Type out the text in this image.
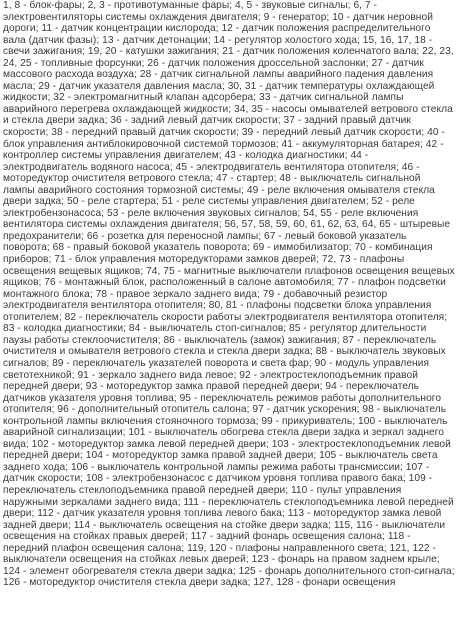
1, 8 - блок-фары; 2, 3 - противотуманные фары; 4, 5 - звуковые сигналы; 6, 7 - электровентиляторы системы охлаждения двигателя; 9 - генератор; 10 - датчик неровной дороги; 11 - датчик концентрации кислорода; 12 - датчик положения распределительного вала (датчик фазы); 13 - датчик детонации; 14 - регулятор холостого хода; 15, 16, 17, 18 - свечи зажигания; 19, 20 - катушки зажигания; 21 - датчик положения коленчатого вала; 22, 23, 24, 25 - топливные форсунки; 26 - датчик положения дроссельной заслонки; 27 - датчик массового расхода воздуха; 28 - датчик сигнальной лампы аварийного падения давления масла; 29 - датчик указателя давления масла; 30, 31 - датчик температуры охлаждающей жидкости; 32 - электромагнитный клапан адсорбера; 33 - датчик сигнальной лампы аварийного перегрева охлаждающей жидкости; 34, 35 - насосы омывателей ветрового стекла и стекла двери задка; 36 - задний левый датчик скорости; 37 - задний правый датчик скорости; 38 - передний правый датчик скорости; 39 - передний левый датчик скорости; 40 - блок управления антиблокировочной системой тормозов; 41 - аккумуляторная батарея; 42 - контроллер системы управления двигателем; 43 - колодка диагностики; 44 - электродвигатель водяного насоса; 45 - электродвигатель вентилятора отопителя; 46 - моторедуктор очистителя ветрового стекла; 47 - стартер; 48 - выключатель сигнальной лампы аварийного состояния тормозной системы; 49 - реле включения омывателя стекла двери задка; 50 - реле стартера; 51 - реле системы управления двигателем; 52 - реле электробензонасоса; 53 - реле включения звуковых сигналов; 54, 55 - реле включения вентилятора системы охлаждения двигателя; 56, 57, 58, 59, 60, 61, 62, 63, 64, 65 - штыревые предохранители; 66 - розетка для переносной лампы; 67 - левый боковой указатель поворота; 68 - правый боковой указатель поворота; 69 - иммобилизатор; 70 - комбинация приборов; 71 - блок управления моторедукторами замков дверей; 72, 73 - плафоны освещения вещевых ящиков; 74, 75 - магнитные выключатели плафонов освещения вещевых ящиков; 76 - монтажный блок, расположенный в салоне автомобиля; 77 - плафон подсветки монтажного блока; 78 - правое зеркало заднего вида; 79 - добавочный резистор электродвигателя вентилятора отопителя; 80, 81 - плафоны подсветки блока управления отопителем; 82 - переключатель скорости работы электродвигателя вентилятора отопителя; 83 - колодка диагностики; 84 - выключатель стоп-сигналов; 85 - регулятор длительности паузы работы стеклоочистителя; 86 - выключатель (замок) зажигания; 87 - переключатель очистителя и омывателя ветрового стекла и стекла двери задка; 88 - выключатель звуковых сигналов; 89 - переключатель указателей поворота и света фар; 90 - модуль управления светотехникой; 91 - зеркало заднего вида левое; 92 - электростеклоподъемник правой передней двери; 93 - моторедуктор замка правой передней двери; 94 - переключатель датчиков указателя уровня топлива; 95 - переключатель режимов работы дополнительного отопителя; 96 - дополнительный отопитель салона; 97 - датчик ускорения; 98 - выключатель контрольной лампы включения стояночного тормоза; 99 - прикуриватель; 100 - выключатель аварийной сигнализации; 101 - выключатель обогрева стекла двери задка и зеркал заднего вида; 102 - моторедуктор замка левой передней двери; 103 - электростеклоподъемник левой передней двери; 104 - моторедуктор замка правой задней двери; 105 - выключатель света заднего хода; 106 - выключатель контрольной лампы режима работы трансмиссии; 107 - датчик скорости; 108 - электробензонасос с датчиком уровня топлива правого бака; 109 - переключатель стеклоподъемника правой передней двери; 110 - пульт управления наружными зеркалами заднего вида; 111 - переключатель стеклоподъемника левой передней двери; 112 - датчик указателя уровня топлива левого бака; 113 - моторедуктор замка левой задней двери; 114 - выключатель освещения на стойке двери задка; 115, 116 - выключатели освещения на стойках правых дверей; 117 - задний фонарь освещения салона; 118 - передний плафон освещения салона; 119, 120 - плафоны направленного света; 121, 122 - выключатели освещения на стойках левых дверей; 123 - фонарь на правом заднем крыле; 124 - элемент обогревателя стекла двери задка; 125 - фонарь дополнительного стоп-сигнала; 126 - моторедуктор очистителя стекла двери задка; 127, 128 - фонари освещения
